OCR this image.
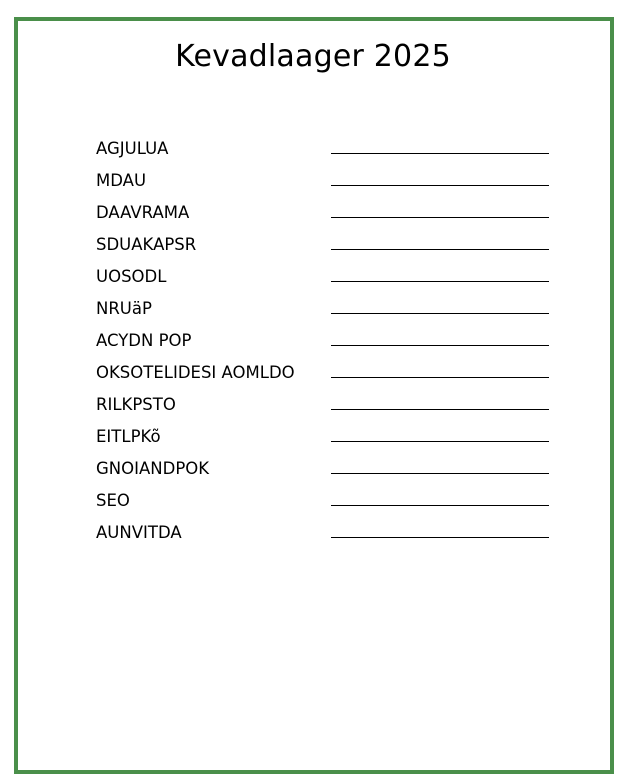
Kevadlaager 2025
AGJULUA
MDAU
DAAVRAMA
SDUAKAPSR
UOSODL
NRUäP
ACYDN POP
OKSOTELIDESI AOMLDO
RILKPSTO
EITLPKõ
GNOIANDPOK
SEO
AUNVITDA
